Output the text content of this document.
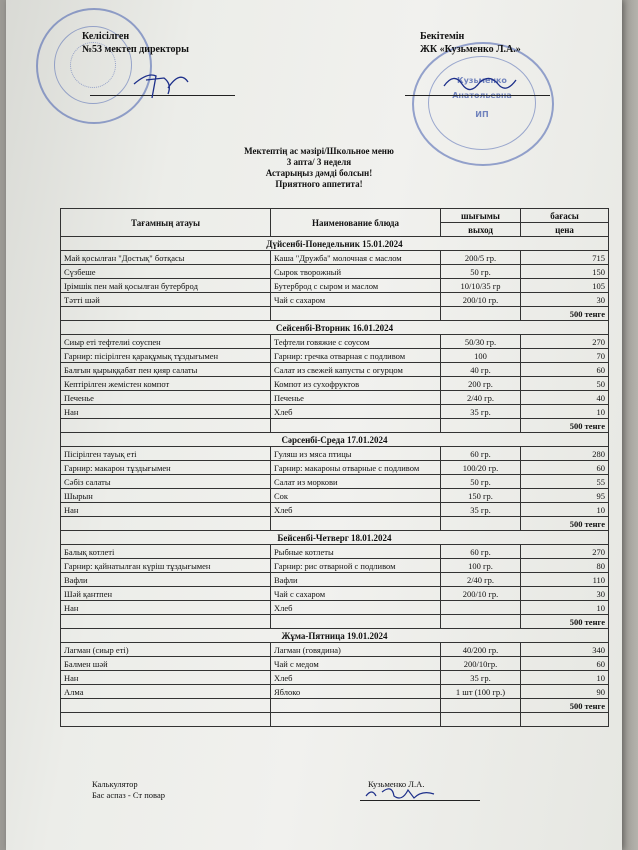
Кузьменко
Анатольевна
ИП
Келісілген
№53 мектеп директоры
Бекітемін
ЖК «Кузьменко Л.А.»
Мектептің ас мәзірі/Школьное меню
3 апта/ 3 неделя
Астарыңыз дәмді болсын!
Приятного аппетита!
Тағамның атауы	Наименование блюда	шығымы	бағасы
		выход	цена
Дүйсенбі-Понедельник 15.01.2024			
Май қосылған "Достық" ботқасы	Каша "Дружба" молочная с маслом	200/5 гр.	715
Сүзбеше	Сырок творожный	50 гр.	150
Ірімшік пен май қосылған бутерброд	Бутерброд с сыром и маслом	10/10/35 гр	105
Тәтті шәй	Чай с сахаром	200/10 гр.	30
			500 тенге
Сейсенбі-Вторник 16.01.2024			
Сиыр еті тефтелиі соуспен	Тефтели говяжие с соусом	50/30 гр.	270
Гарнир: пісірілген қарақұмық тұздығымен	Гарнир: гречка отварная с подливом	100	70
Балғын қырыққабат пен қияр салаты	Салат из свежей капусты с огурцом	40 гр.	60
Кептірілген жемістен компот	Компот из сухофруктов	200 гр.	50
Печенье	Печенье	2/40 гр.	40
Нан	Хлеб	35 гр.	10
			500 тенге
Сәрсенбі-Среда 17.01.2024			
Пісірілген тауық еті	Гуляш из мяса птицы	60 гр.	280
Гарнир: макарон тұздығымен	Гарнир: макароны отварные с подливом	100/20 гр.	60
Сәбіз салаты	Салат из моркови	50 гр.	55
Шырын	Сок	150 гр.	95
Нан	Хлеб	35 гр.	10
			500 тенге
Бейсенбі-Четверг 18.01.2024			
Балық котлеті	Рыбные котлеты	60 гр.	270
Гарнир: қайнатылған күріш тұздығымен	Гарнир: рис отварной с подливом	100 гр.	80
Вафли	Вафли	2/40 гр.	110
Шәй қантпен	Чай с сахаром	200/10 гр.	30
Нан	Хлеб		10
			500 тенге
Жұма-Пятница 19.01.2024			
Лагман (сиыр еті)	Лагман (говядина)	40/200 гр.	340
Балмен шәй	Чай с медом	200/10гр.	60
Нан	Хлеб	35 гр.	10
Алма	Яблоко	1 шт (100 гр.)	90
			500 тенге

Калькулятор
Бас аспаз - Ст повар
Кузьменко Л.А.
